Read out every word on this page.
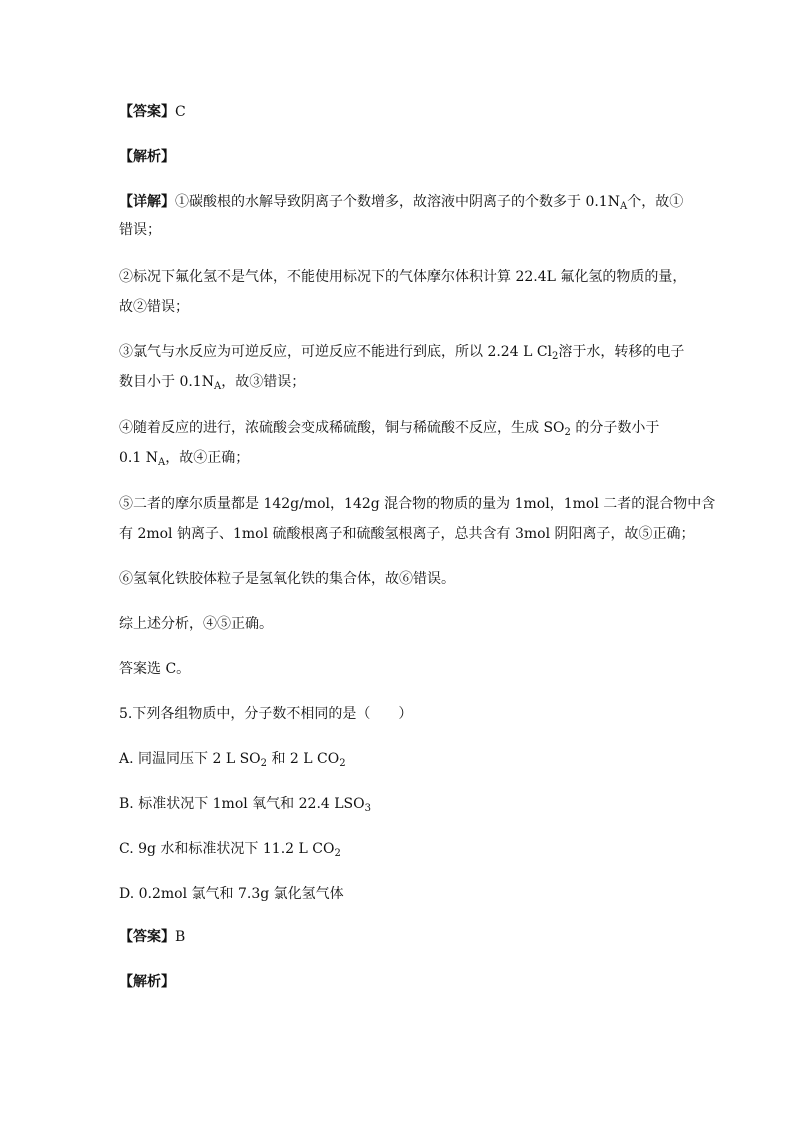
【答案】C
【解析】
【详解】①碳酸根的水解导致阴离子个数增多，故溶液中阴离子的个数多于 $0.1N_A$个，故①
错误；
②标况下氟化氢不是气体，不能使用标况下的气体摩尔体积计算 22.4L 氟化氢的物质的量，
故②错误；
③氯气与水反应为可逆反应，可逆反应不能进行到底，所以 2.24 L $Cl_2$溶于水，转移的电子
数目小于 $0.1N_A$，故③错误；
④随着反应的进行，浓硫酸会变成稀硫酸，铜与稀硫酸不反应，生成 $SO_2$ 的分子数小于
0.1 $N_A$，故④正确；
⑤二者的摩尔质量都是 142g/mol，142g 混合物的物质的量为 1mol，1mol 二者的混合物中含
有 2mol 钠离子、1mol 硫酸根离子和硫酸氢根离子，总共含有 3mol 阴阳离子，故⑤正确；
⑥氢氧化铁胶体粒子是氢氧化铁的集合体，故⑥错误。
综上述分析，④⑤正确。
答案选 C。
5.下列各组物质中，分子数不相同的是（　　）
A. 同温同压下 2 L $SO_2$ 和 2 L $CO_2$
B. 标准状况下 1mol 氧气和 22.4 $LSO_3$
C. 9g 水和标准状况下 11.2 L $CO_2$
D. 0.2mol 氯气和 7.3g 氯化氢气体
【答案】B
【解析】
